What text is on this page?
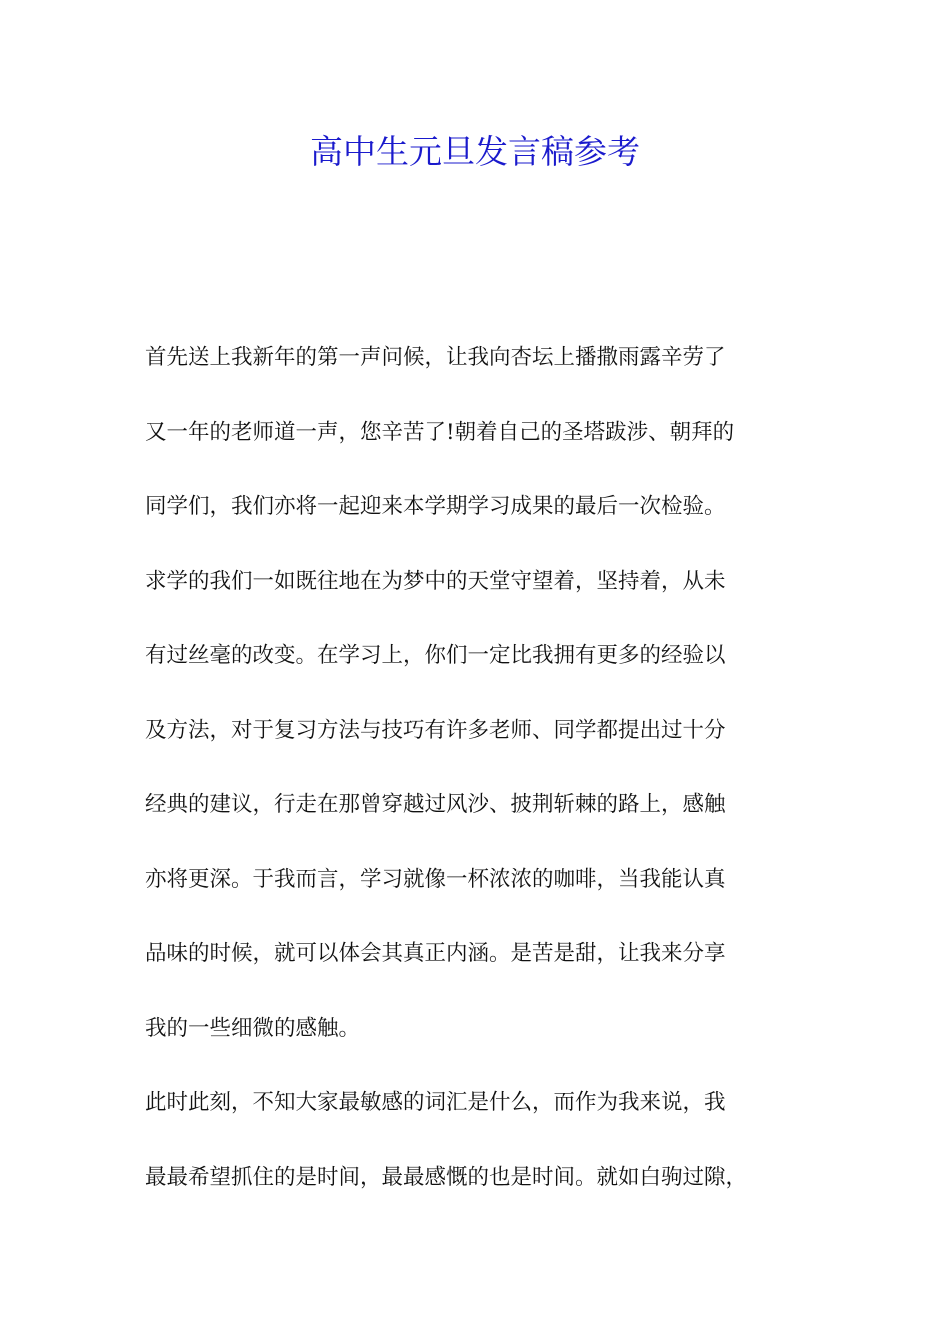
高中生元旦发言稿参考

首先送上我新年的第一声问候，让我向杏坛上播撒雨露辛劳了

又一年的老师道一声，您辛苦了!朝着自己的圣塔跋涉、朝拜的

同学们，我们亦将一起迎来本学期学习成果的最后一次检验。

求学的我们一如既往地在为梦中的天堂守望着，坚持着，从未

有过丝毫的改变。在学习上，你们一定比我拥有更多的经验以

及方法，对于复习方法与技巧有许多老师、同学都提出过十分

经典的建议，行走在那曾穿越过风沙、披荆斩棘的路上，感触

亦将更深。于我而言，学习就像一杯浓浓的咖啡，当我能认真

品味的时候，就可以体会其真正内涵。是苦是甜，让我来分享

我的一些细微的感触。

此时此刻，不知大家最敏感的词汇是什么，而作为我来说，我

最最希望抓住的是时间，最最感慨的也是时间。就如白驹过隙，
